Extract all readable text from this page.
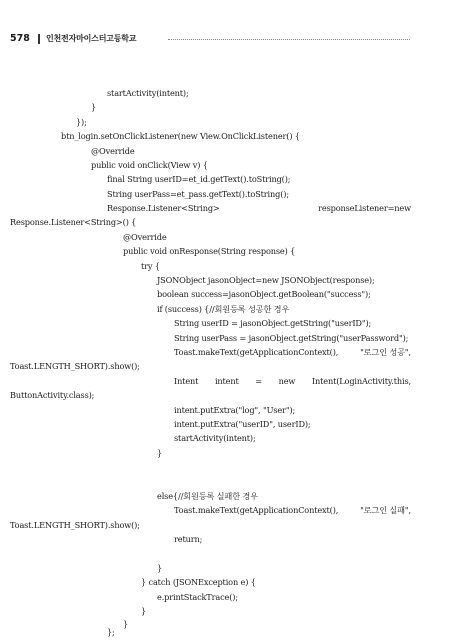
578 인천전자마이스터고등학교
startActivity(intent);
}
});
btn_login.setOnClickListener(new View.OnClickListener() {
@Override
public void onClick(View v) {
final String userID=et_id.getText().toString();
String userPass=et_pass.getText().toString();
Response.Listener<String>	responseListener=new
Response.Listener<String>() {
@Override
public void onResponse(String response) {
try {
JSONObject jasonObject=new JSONObject(response);
boolean success=jasonObject.getBoolean("success");
if (success) {//회원등록 성공한 경우
String userID = jasonObject.getString("userID");
String userPass = jasonObject.getString("userPassword");
Toast.makeText(getApplicationContext(),	"로그인 성공",
Toast.LENGTH_SHORT).show();
Intent intent = new Intent(LoginActivity.this,
ButtonActivity.class);
intent.putExtra("log", "User");
intent.putExtra("userID", userID);
startActivity(intent);
}
else{//회원등록 실패한 경우
Toast.makeText(getApplicationContext(),	"로그인 실패",
Toast.LENGTH_SHORT).show();
return;
}
} catch (JSONException e) {
e.printStackTrace();
}
}
};
